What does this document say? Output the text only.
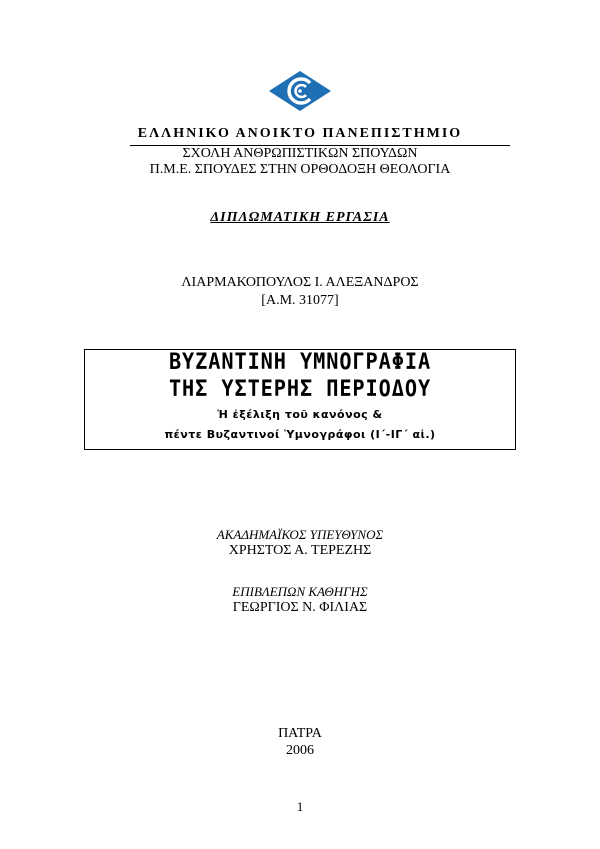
ΕΛΛΗΝΙΚΟ ΑΝΟΙΚΤΟ ΠΑΝΕΠΙΣΤΗΜΙΟ
ΣΧΟΛΗ ΑΝΘΡΩΠΙΣΤΙΚΩΝ ΣΠΟΥΔΩΝ
Π.Μ.Ε. ΣΠΟΥΔΕΣ ΣΤΗΝ ΟΡΘΟΔΟΞΗ ΘΕΟΛΟΓΙΑ
ΔΙΠΛΩΜΑΤΙΚΗ ΕΡΓΑΣΙΑ
ΛΙΑΡΜΑΚΟΠΟΥΛΟΣ Ι. ΑΛΕΞΑΝΔΡΟΣ
[Α.Μ. 31077]
ΒΥΖΑΝΤΙΝΗ ΥΜΝΟΓΡΑΦΙΑ
ΤΗΣ ΥΣΤΕΡΗΣ ΠΕΡΙΟΔΟΥ
Ἡ ἐξέλιξη τοῦ κανόνος &
πέντε Βυζαντινοί Ὑμνογράφοι (Ι΄-ΙΓ΄ αἰ.)
ΑΚΑΔΗΜΑΪΚΟΣ ΥΠΕΥΘΥΝΟΣ
ΧΡΗΣΤΟΣ Α. ΤΕΡΕΖΗΣ
ΕΠΙΒΛΕΠΩΝ ΚΑΘΗΓΗΣ
ΓΕΩΡΓΙΟΣ Ν. ΦΙΛΙΑΣ
ΠΑΤΡΑ
2006
1
